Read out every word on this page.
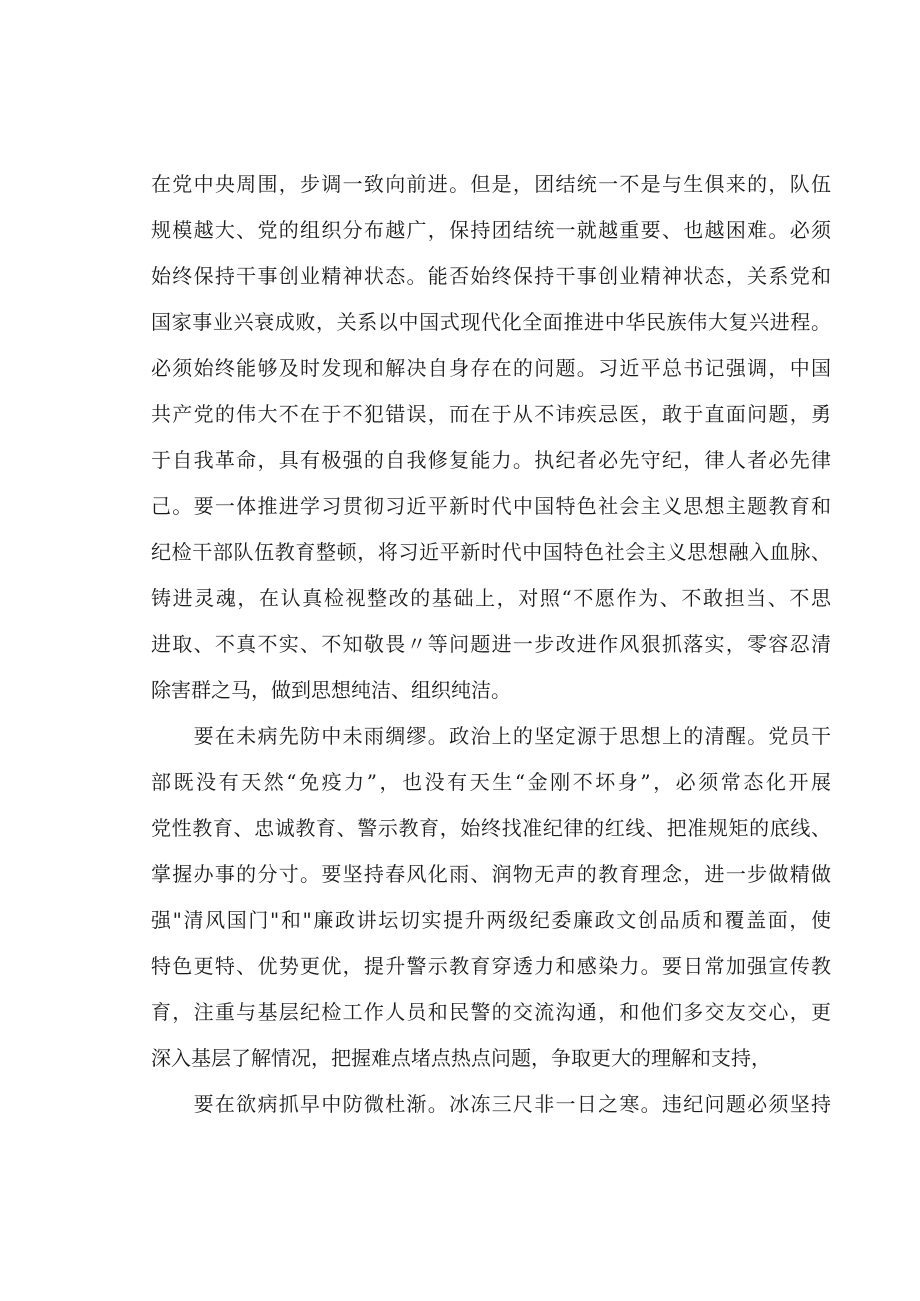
在党中央周围，步调一致向前进。但是，团结统一不是与生俱来的，队伍
规模越大、党的组织分布越广，保持团结统一就越重要、也越困难。必须
始终保持干事创业精神状态。能否始终保持干事创业精神状态，关系党和
国家事业兴衰成败，关系以中国式现代化全面推进中华民族伟大复兴进程。
必须始终能够及时发现和解决自身存在的问题。习近平总书记强调，中国
共产党的伟大不在于不犯错误，而在于从不讳疾忌医，敢于直面问题，勇
于自我革命，具有极强的自我修复能力。执纪者必先守纪，律人者必先律
己。要一体推进学习贯彻习近平新时代中国特色社会主义思想主题教育和
纪检干部队伍教育整顿，将习近平新时代中国特色社会主义思想融入血脉、
铸进灵魂，在认真检视整改的基础上，对照“不愿作为、不敢担当、不思
进取、不真不实、不知敬畏〃等问题进一步改进作风狠抓落实，零容忍清
除害群之马，做到思想纯洁、组织纯洁。
　　要在未病先防中未雨绸缪。政治上的坚定源于思想上的清醒。党员干
部既没有天然“免疫力”，也没有天生“金刚不坏身”，必须常态化开展
党性教育、忠诚教育、警示教育，始终找准纪律的红线、把准规矩的底线、
掌握办事的分寸。要坚持春风化雨、润物无声的教育理念，进一步做精做
强"清风国门"和"廉政讲坛切实提升两级纪委廉政文创品质和覆盖面，使
特色更特、优势更优，提升警示教育穿透力和感染力。要日常加强宣传教
育，注重与基层纪检工作人员和民警的交流沟通，和他们多交友交心，更
深入基层了解情况，把握难点堵点热点问题，争取更大的理解和支持，
　　要在欲病抓早中防微杜渐。冰冻三尺非一日之寒。违纪问题必须坚持
